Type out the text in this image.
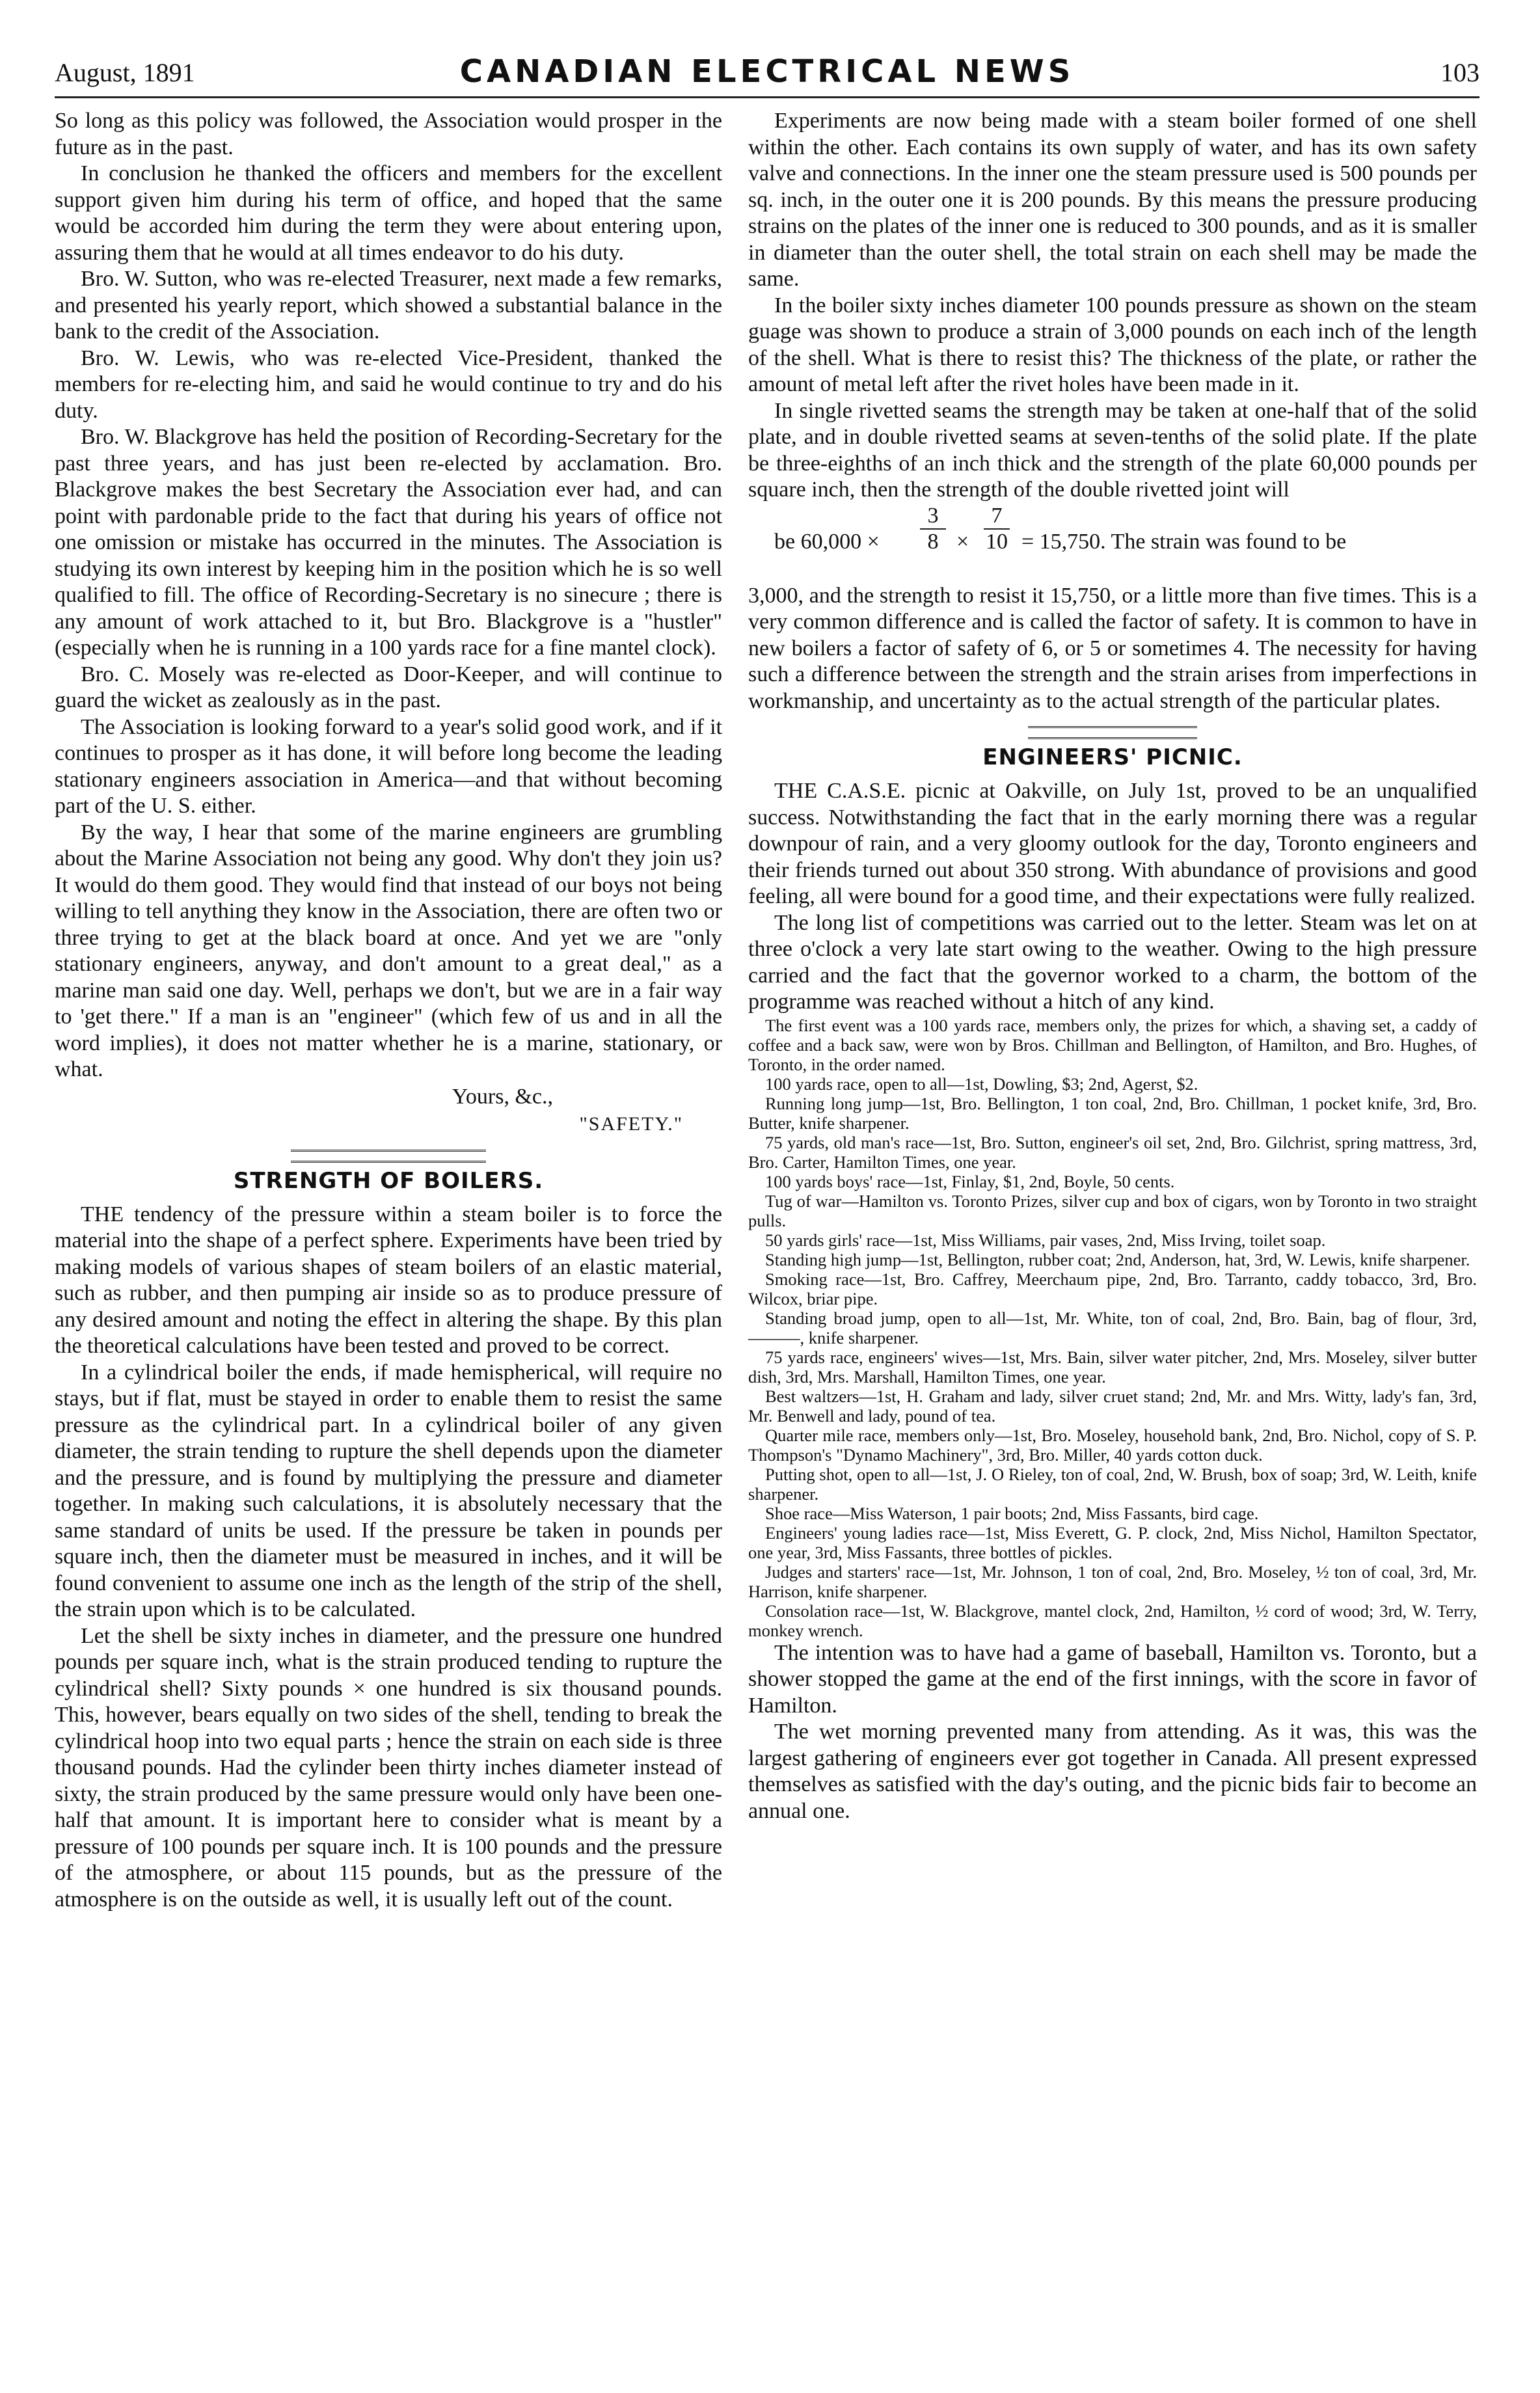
August, 1891	CANADIAN ELECTRICAL NEWS	103

So long as this policy was followed, the Association would prosper in the future as in the past.

In conclusion he thanked the officers and members for the excellent support given him during his term of office, and hoped that the same would be accorded him during the term they were about entering upon, assuring them that he would at all times endeavor to do his duty.

Bro. W. Sutton, who was re-elected Treasurer, next made a few remarks, and presented his yearly report, which showed a substantial balance in the bank to the credit of the Association.

Bro. W. Lewis, who was re-elected Vice-President, thanked the members for re-electing him, and said he would continue to try and do his duty.

Bro. W. Blackgrove has held the position of Recording-Secretary for the past three years, and has just been re-elected by acclamation. Bro. Blackgrove makes the best Secretary the Association ever had, and can point with pardonable pride to the fact that during his years of office not one omission or mistake has occurred in the minutes. The Association is studying its own interest by keeping him in the position which he is so well qualified to fill. The office of Recording-Secretary is no sinecure ; there is any amount of work attached to it, but Bro. Blackgrove is a "hustler" (especially when he is running in a 100 yards race for a fine mantel clock).

Bro. C. Mosely was re-elected as Door-Keeper, and will continue to guard the wicket as zealously as in the past.

The Association is looking forward to a year's solid good work, and if it continues to prosper as it has done, it will before long become the leading stationary engineers association in America—and that without becoming part of the U. S. either.

By the way, I hear that some of the marine engineers are grumbling about the Marine Association not being any good. Why don't they join us? It would do them good. They would find that instead of our boys not being willing to tell anything they know in the Association, there are often two or three trying to get at the black board at once. And yet we are "only stationary engineers, anyway, and don't amount to a great deal," as a marine man said one day. Well, perhaps we don't, but we are in a fair way to 'get there." If a man is an "engineer" (which few of us and in all the word implies), it does not matter whether he is a marine, stationary, or what.

Yours, &c.,
"SAFETY."
STRENGTH OF BOILERS.

THE tendency of the pressure within a steam boiler is to force the material into the shape of a perfect sphere. Experiments have been tried by making models of various shapes of steam boilers of an elastic material, such as rubber, and then pumping air inside so as to produce pressure of any desired amount and noting the effect in altering the shape. By this plan the theoretical calculations have been tested and proved to be correct.

In a cylindrical boiler the ends, if made hemispherical, will require no stays, but if flat, must be stayed in order to enable them to resist the same pressure as the cylindrical part. In a cylindrical boiler of any given diameter, the strain tending to rupture the shell depends upon the diameter and the pressure, and is found by multiplying the pressure and diameter together. In making such calculations, it is absolutely necessary that the same standard of units be used. If the pressure be taken in pounds per square inch, then the diameter must be measured in inches, and it will be found convenient to assume one inch as the length of the strip of the shell, the strain upon which is to be calculated.

Let the shell be sixty inches in diameter, and the pressure one hundred pounds per square inch, what is the strain produced tending to rupture the cylindrical shell? Sixty pounds × one hundred is six thousand pounds. This, however, bears equally on two sides of the shell, tending to break the cylindrical hoop into two equal parts ; hence the strain on each side is three thousand pounds. Had the cylinder been thirty inches diameter instead of sixty, the strain produced by the same pressure would only have been one-half that amount. It is important here to consider what is meant by a pressure of 100 pounds per square inch. It is 100 pounds and the pressure of the atmosphere, or about 115 pounds, but as the pressure of the atmosphere is on the outside as well, it is usually left out of the count.

Experiments are now being made with a steam boiler formed of one shell within the other. Each contains its own supply of water, and has its own safety valve and connections. In the inner one the steam pressure used is 500 pounds per sq. inch, in the outer one it is 200 pounds. By this means the pressure producing strains on the plates of the inner one is reduced to 300 pounds, and as it is smaller in diameter than the outer shell, the total strain on each shell may be made the same.

In the boiler sixty inches diameter 100 pounds pressure as shown on the steam guage was shown to produce a strain of 3,000 pounds on each inch of the length of the shell. What is there to resist this? The thickness of the plate, or rather the amount of metal left after the rivet holes have been made in it.

In single rivetted seams the strength may be taken at one-half that of the solid plate, and in double rivetted seams at seven-tenths of the solid plate. If the plate be three-eighths of an inch thick and the strength of the plate 60,000 pounds per square inch, then the strength of the double rivetted joint will

be $60,000 \times \frac{3}{8} \times \frac{7}{10} = 15,750$. The strain was found to be

3,000, and the strength to resist it 15,750, or a little more than five times. This is a very common difference and is called the factor of safety. It is common to have in new boilers a factor of safety of 6, or 5 or sometimes 4. The necessity for having such a difference between the strength and the strain arises from imperfections in workmanship, and uncertainty as to the actual strength of the particular plates.

ENGINEERS' PICNIC.

THE C.A.S.E. picnic at Oakville, on July 1st, proved to be an unqualified success. Notwithstanding the fact that in the early morning there was a regular downpour of rain, and a very gloomy outlook for the day, Toronto engineers and their friends turned out about 350 strong. With abundance of provisions and good feeling, all were bound for a good time, and their expectations were fully realized.

The long list of competitions was carried out to the letter. Steam was let on at three o'clock a very late start owing to the weather. Owing to the high pressure carried and the fact that the governor worked to a charm, the bottom of the programme was reached without a hitch of any kind.

The first event was a 100 yards race, members only, the prizes for which, a shaving set, a caddy of coffee and a back saw, were won by Bros. Chillman and Bellington, of Hamilton, and Bro. Hughes, of Toronto, in the order named.

100 yards race, open to all—1st, Dowling, $3; 2nd, Agerst, $2.

Running long jump—1st, Bro. Bellington, 1 ton coal, 2nd, Bro. Chillman, 1 pocket knife, 3rd, Bro. Butter, knife sharpener.

75 yards, old man's race—1st, Bro. Sutton, engineer's oil set, 2nd, Bro. Gilchrist, spring mattress, 3rd, Bro. Carter, Hamilton Times, one year.

100 yards boys' race—1st, Finlay, $1, 2nd, Boyle, 50 cents.

Tug of war—Hamilton vs. Toronto Prizes, silver cup and box of cigars, won by Toronto in two straight pulls.

50 yards girls' race—1st, Miss Williams, pair vases, 2nd, Miss Irving, toilet soap.

Standing high jump—1st, Bellington, rubber coat; 2nd, Anderson, hat, 3rd, W. Lewis, knife sharpener.

Smoking race—1st, Bro. Caffrey, Meerchaum pipe, 2nd, Bro. Tarranto, caddy tobacco, 3rd, Bro. Wilcox, briar pipe.

Standing broad jump, open to all—1st, Mr. White, ton of coal, 2nd, Bro. Bain, bag of flour, 3rd, ———, knife sharpener.

75 yards race, engineers' wives—1st, Mrs. Bain, silver water pitcher, 2nd, Mrs. Moseley, silver butter dish, 3rd, Mrs. Marshall, Hamilton Times, one year.

Best waltzers—1st, H. Graham and lady, silver cruet stand; 2nd, Mr. and Mrs. Witty, lady's fan, 3rd, Mr. Benwell and lady, pound of tea.

Quarter mile race, members only—1st, Bro. Moseley, household bank, 2nd, Bro. Nichol, copy of S. P. Thompson's "Dynamo Machinery", 3rd, Bro. Miller, 40 yards cotton duck.

Putting shot, open to all—1st, J. O Rieley, ton of coal, 2nd, W. Brush, box of soap; 3rd, W. Leith, knife sharpener.

Shoe race—Miss Waterson, 1 pair boots; 2nd, Miss Fassants, bird cage.

Engineers' young ladies race—1st, Miss Everett, G. P. clock, 2nd, Miss Nichol, Hamilton Spectator, one year, 3rd, Miss Fassants, three bottles of pickles.

Judges and starters' race—1st, Mr. Johnson, 1 ton of coal, 2nd, Bro. Moseley, ½ ton of coal, 3rd, Mr. Harrison, knife sharpener.

Consolation race—1st, W. Blackgrove, mantel clock, 2nd, Hamilton, ½ cord of wood; 3rd, W. Terry, monkey wrench.

The intention was to have had a game of baseball, Hamilton vs. Toronto, but a shower stopped the game at the end of the first innings, with the score in favor of Hamilton.

The wet morning prevented many from attending. As it was, this was the largest gathering of engineers ever got together in Canada. All present expressed themselves as satisfied with the day's outing, and the picnic bids fair to become an annual one.
